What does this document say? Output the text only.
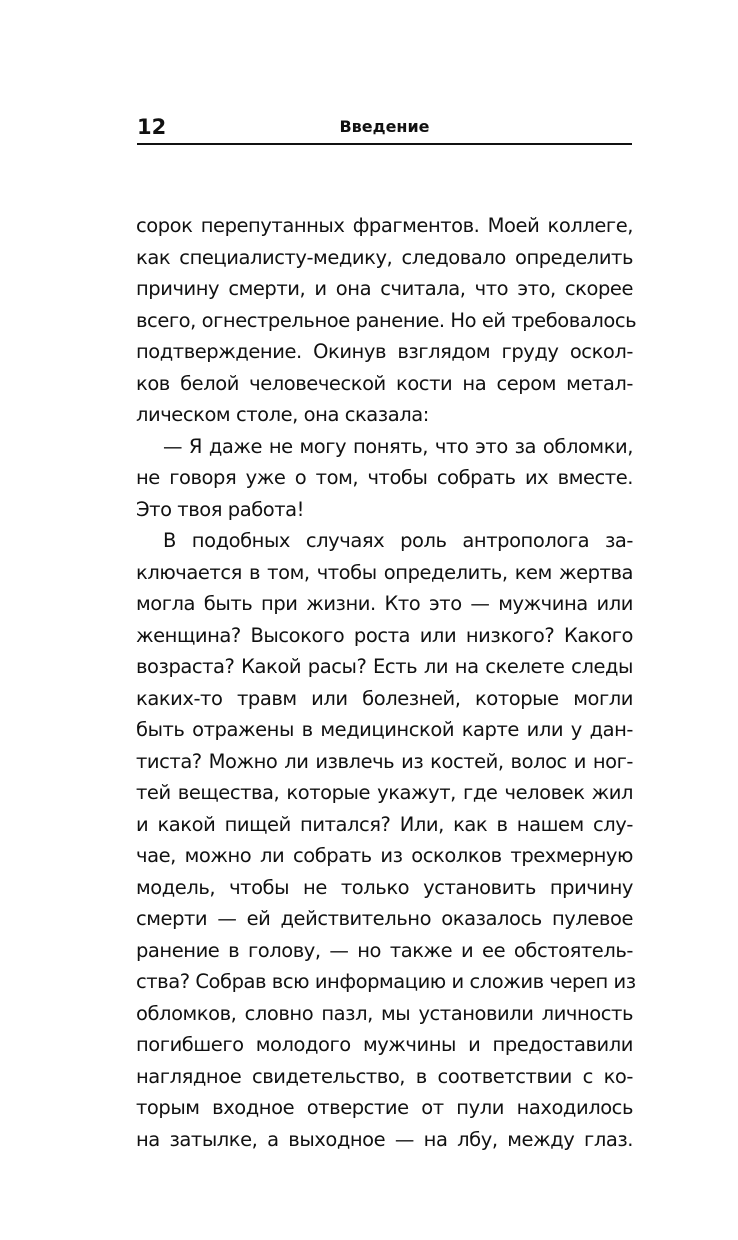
12	Введение
сорок перепутанных фрагментов. Моей коллеге,
как специалисту-медику, следовало определить
причину смерти, и она считала, что это, скорее
всего, огнестрельное ранение. Но ей требовалось
подтверждение. Окинув взглядом груду оскол-
ков белой человеческой кости на сером метал-
лическом столе, она сказала:
— Я даже не могу понять, что это за обломки,
не говоря уже о том, чтобы собрать их вместе.
Это твоя работа!
В подобных случаях роль антрополога за-
ключается в том, чтобы определить, кем жертва
могла быть при жизни. Кто это — мужчина или
женщина? Высокого роста или низкого? Какого
возраста? Какой расы? Есть ли на скелете следы
каких-то травм или болезней, которые могли
быть отражены в медицинской карте или у дан-
тиста? Можно ли извлечь из костей, волос и ног-
тей вещества, которые укажут, где человек жил
и какой пищей питался? Или, как в нашем слу-
чае, можно ли собрать из осколков трехмерную
модель, чтобы не только установить причину
смерти — ей действительно оказалось пулевое
ранение в голову, — но также и ее обстоятель-
ства? Собрав всю информацию и сложив череп из
обломков, словно пазл, мы установили личность
погибшего молодого мужчины и предоставили
наглядное свидетельство, в соответствии с ко-
торым входное отверстие от пули находилось
на затылке, а выходное — на лбу, между глаз.
